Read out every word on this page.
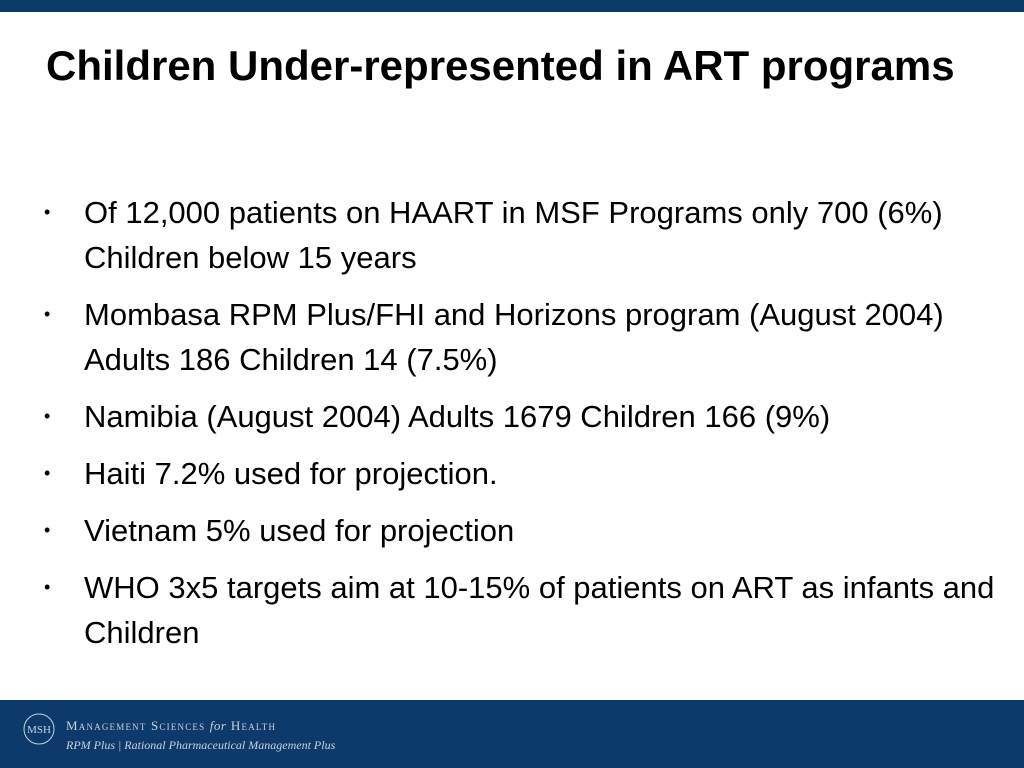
Children Under-represented in ART programs
• Of 12,000 patients on HAART in MSF Programs only 700 (6%) Children below 15 years
• Mombasa RPM Plus/FHI and Horizons program (August 2004) Adults 186 Children 14 (7.5%)
• Namibia (August 2004) Adults 1679 Children 166 (9%)
• Haiti 7.2% used for projection.
• Vietnam 5% used for projection
• WHO 3x5 targets aim at 10-15% of patients on ART as infants and Children
MSH Management Sciences for Health
RPM Plus | Rational Pharmaceutical Management Plus
